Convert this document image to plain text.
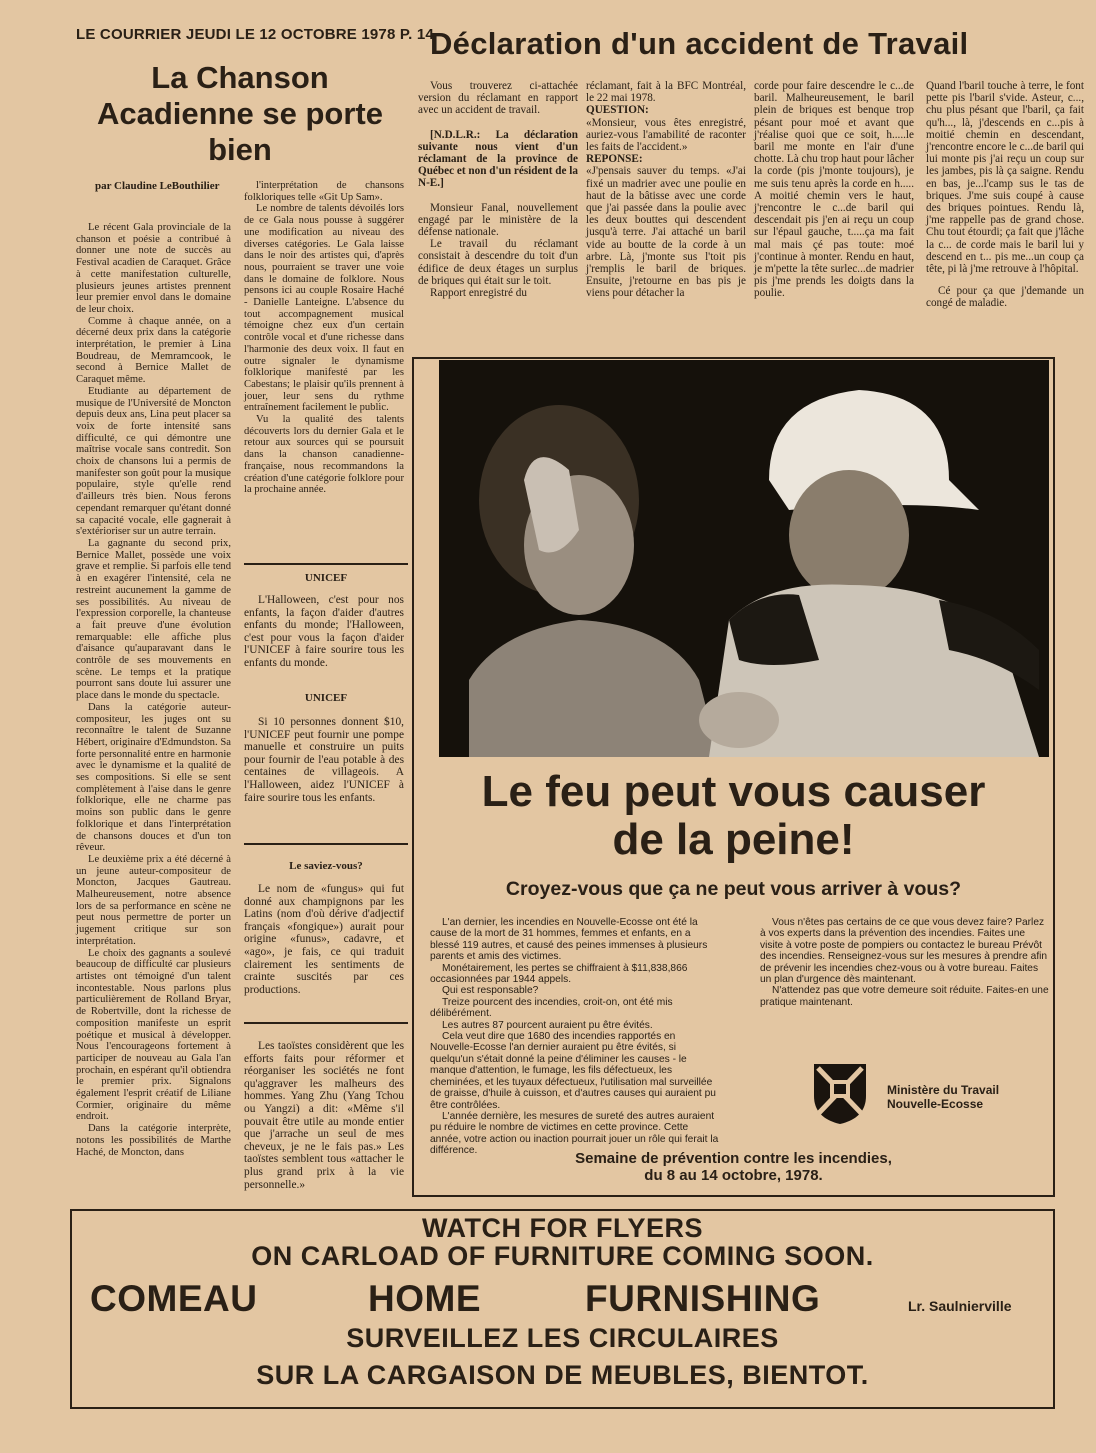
LE COURRIER JEUDI LE 12 OCTOBRE 1978 P. 14
Déclaration d'un accident de Travail
La Chanson
Acadienne se porte
bien
par Claudine LeBouthilier

Le récent Gala provinciale de la chanson et poésie a contribué à donner une note de succès au Festival acadien de Caraquet. Grâce à cette manifestation culturelle, plusieurs jeunes artistes prennent leur premier envol dans le domaine de leur choix.

Comme à chaque année, on a décerné deux prix dans la catégorie interprétation, le premier à Lina Boudreau, de Memramcook, le second à Bernice Mallet de Caraquet même.

Etudiante au département de musique de l'Université de Moncton depuis deux ans, Lina peut placer sa voix de forte intensité sans difficulté, ce qui démontre une maîtrise vocale sans contredit. Son choix de chansons lui a permis de manifester son goût pour la musique populaire, style qu'elle rend d'ailleurs très bien. Nous ferons cependant remarquer qu'étant donné sa capacité vocale, elle gagnerait à s'extérioriser sur un autre terrain.

La gagnante du second prix, Bernice Mallet, possède une voix grave et remplie. Si parfois elle tend à en exagérer l'intensité, cela ne restreint aucunement la gamme de ses possibilités. Au niveau de l'expression corporelle, la chanteuse a fait preuve d'une évolution remarquable: elle affiche plus d'aisance qu'auparavant dans le contrôle de ses mouvements en scène. Le temps et la pratique pourront sans doute lui assurer une place dans le monde du spectacle.

Dans la catégorie auteur-compositeur, les juges ont su reconnaître le talent de Suzanne Hébert, originaire d'Edmundston. Sa forte personnalité entre en harmonie avec le dynamisme et la qualité de ses compositions. Si elle se sent complètement à l'aise dans le genre folklorique, elle ne charme pas moins son public dans le genre folklorique et dans l'interprétation de chansons douces et d'un ton rêveur.

Le deuxième prix a été décerné à un jeune auteur-compositeur de Moncton, Jacques Gautreau. Malheureusement, notre absence lors de sa performance en scène ne peut nous permettre de porter un jugement critique sur son interprétation.

Le choix des gagnants a soulevé beaucoup de difficulté car plusieurs artistes ont témoigné d'un talent incontestable. Nous parlons plus particulièrement de Rolland Bryar, de Robertville, dont la richesse de composition manifeste un esprit poétique et musical à développer. Nous l'encourageons fortement à participer de nouveau au Gala l'an prochain, en espérant qu'il obtiendra le premier prix. Signalons également l'esprit créatif de Liliane Cormier, originaire du même endroit.

Dans la catégorie interprète, notons les possibilités de Marthe Haché, de Moncton, dans

l'interprétation de chansons folkloriques telle «Git Up Sam».

Le nombre de talents dévoilés lors de ce Gala nous pousse à suggérer une modification au niveau des diverses catégories. Le Gala laisse dans le noir des artistes qui, d'après nous, pourraient se traver une voie dans le domaine de folklore. Nous pensons ici au couple Rosaire Haché - Danielle Lanteigne. L'absence du tout accompagnement musical témoigne chez eux d'un certain contrôle vocal et d'une richesse dans l'harmonie des deux voix. Il faut en outre signaler le dynamisme folklorique manifesté par les Cabestans; le plaisir qu'ils prennent à jouer, leur sens du rythme entraînement facilement le public.

Vu la qualité des talents découverts lors du dernier Gala et le retour aux sources qui se poursuit dans la chanson canadienne-française, nous recommandons la création d'une catégorie folklore pour la prochaine année.

UNICEF

L'Halloween, c'est pour nos enfants, la façon d'aider d'autres enfants du monde; l'Halloween, c'est pour vous la façon d'aider l'UNICEF à faire sourire tous les enfants du monde.

UNICEF

Si 10 personnes donnent $10, l'UNICEF peut fournir une pompe manuelle et construire un puits pour fournir de l'eau potable à des centaines de villageois. A l'Halloween, aidez l'UNICEF à faire sourire tous les enfants.

Le saviez-vous?

Le nom de «fungus» qui fut donné aux champignons par les Latins (nom d'où dérive d'adjectif français «fongique») aurait pour origine «funus», cadavre, et «ago», je fais, ce qui traduit clairement les sentiments de crainte suscités par ces productions.

Les taoïstes considèrent que les efforts faits pour réformer et réorganiser les sociétés ne font qu'aggraver les malheurs des hommes. Yang Zhu (Yang Tchou ou Yangzi) a dit: «Même s'il pouvait être utile au monde entier que j'arrache un seul de mes cheveux, je ne le fais pas.» Les taoïstes semblent tous «attacher le plus grand prix à la vie personnelle.»

Vous trouverez ci-attachée version du réclamant en rapport avec un accident de travail.

[N.D.L.R.: La déclaration suivante nous vient d'un réclamant de la province de Québec et non d'un résident de la N-E.]

Monsieur Fanal, nouvellement engagé par le ministère de la défense nationale.

Le travail du réclamant consistait à descendre du toit d'un édifice de deux étages un surplus de briques qui était sur le toit.

Rapport enregistré du

réclamant, fait à la BFC Montréal, le 22 mai 1978.

QUESTION:

«Monsieur, vous êtes enregistré, auriez-vous l'amabilité de raconter les faits de l'accident.»

REPONSE:

«J'pensais sauver du temps. «J'ai fixé un madrier avec une poulie en haut de la bâtisse avec une corde que j'ai passée dans la poulie avec les deux bouttes qui descendent jusqu'à terre. J'ai attaché un baril vide au boutte de la corde à un arbre. Là, j'monte sus l'toit pis j'remplis le baril de briques. Ensuite, j'retourne en bas pis je viens pour détacher la

corde pour faire descendre le c...de baril. Malheureusement, le baril plein de briques est benque trop pésant pour moé et avant que j'réalise quoi que ce soit, h.....le baril me monte en l'air d'une chotte. Là chu trop haut pour lâcher la corde (pis j'monte toujours), je me suis tenu après la corde en h..... A moitié chemin vers le haut, j'rencontre le c...de baril qui descendait pis j'en ai reçu un coup sur l'épaul gauche, t.....ça ma fait mal mais çé pas toute: moé j'continue à monter. Rendu en haut, je m'pette la tête surlec...de madrier pis j'me prends les doigts dans la poulie.

Quand l'baril touche à terre, le font pette pis l'baril s'vide. Asteur, c..., chu plus pésant que l'baril, ça fait qu'h..., là, j'descends en c...pis à moitié chemin en descendant, j'rencontre encore le c...de baril qui lui monte pis j'ai reçu un coup sur les jambes, pis là ça saigne. Rendu en bas, je...l'camp sus le tas de briques. J'me suis coupé à cause des briques pointues. Rendu là, j'me rappelle pas de grand chose. Chu tout étourdi; ça fait que j'lâche la c... de corde mais le baril lui y descend en t... pis me...un coup ça tête, pi là j'me retrouve à l'hôpital.

Cé pour ça que j'demande un congé de maladie.

Le feu peut vous causer
de la peine!
Croyez-vous que ça ne peut vous arriver à vous?

L'an dernier, les incendies en Nouvelle-Ecosse ont été la cause de la mort de 31 hommes, femmes et enfants, en a blessé 119 autres, et causé des peines immenses à plusieurs parents et amis des victimes.

Monétairement, les pertes se chiffraient à $11,838,866 occasionnées par 1944 appels.

Qui est responsable?

Treize pourcent des incendies, croit-on, ont été mis délibérément.

Les autres 87 pourcent auraient pu être évités.

Cela veut dire que 1680 des incendies rapportés en Nouvelle-Ecosse l'an dernier auraient pu être évités, si quelqu'un s'était donné la peine d'éliminer les causes - le manque d'attention, le fumage, les fils défectueux, les cheminées, et les tuyaux défectueux, l'utilisation mal surveillée de graisse, d'huile à cuisson, et d'autres causes qui auraient pu être contrôlées.

L'année dernière, les mesures de sureté des autres auraient pu réduire le nombre de victimes en cette province. Cette année, votre action ou inaction pourrait jouer un rôle qui ferait la différence.

Vous n'êtes pas certains de ce que vous devez faire? Parlez à vos experts dans la prévention des incendies. Faites une visite à votre poste de pompiers ou contactez le bureau Prévôt des incendies. Renseignez-vous sur les mesures à prendre afin de prévenir les incendies chez-vous ou à votre bureau. Faites un plan d'urgence dès maintenant.

N'attendez pas que votre demeure soit réduite. Faites-en une pratique maintenant.

Ministère du Travail
Nouvelle-Ecosse
Semaine de prévention contre les incendies,
du 8 au 14 octobre, 1978.
WATCH FOR FLYERS
ON CARLOAD OF FURNITURE COMING SOON.
COMEAU	HOME	FURNISHING	Lr. Saulnierville
SURVEILLEZ LES CIRCULAIRES
SUR LA CARGAISON DE MEUBLES, BIENTOT.
